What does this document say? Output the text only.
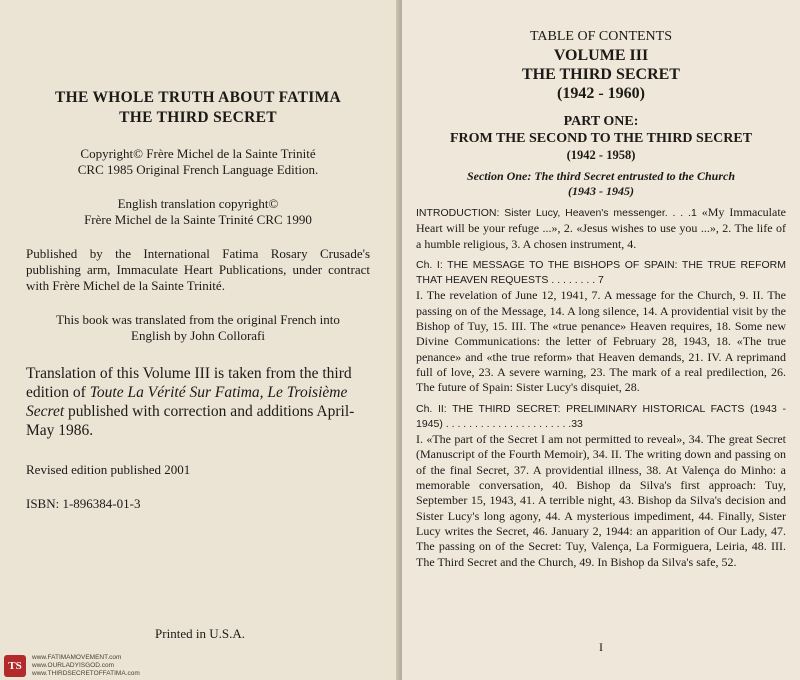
THE WHOLE TRUTH ABOUT FATIMA
THE THIRD SECRET
Copyright© Frère Michel de la Sainte Trinité
CRC 1985 Original French Language Edition.
English translation copyright©
Frère Michel de la Sainte Trinité CRC 1990
Published by the International Fatima Rosary Crusade's publishing arm, Immaculate Heart Publications, under contract with Frère Michel de la Sainte Trinité.
This book was translated from the original French into
English by John Collorafi
Translation of this Volume III is taken from the third edition of Toute La Vérité Sur Fatima, Le Troisième Secret published with correction and additions April-May 1986.
Revised edition published 2001
ISBN: 1-896384-01-3
Printed in U.S.A.
TS
www.FATIMAMOVEMENT.com
www.OURLADYISGOD.com
www.THIRDSECRETOFFATIMA.com
TABLE OF CONTENTS
VOLUME III
THE THIRD SECRET
(1942 - 1960)
PART ONE:
FROM THE SECOND TO THE THIRD SECRET
(1942 - 1958)
Section One: The third Secret entrusted to the Church
(1943 - 1945)
INTRODUCTION: Sister Lucy, Heaven's messenger. . . .1 «My Immaculate Heart will be your refuge ...», 2. «Jesus wishes to use you ...», 2. The life of a humble religious, 3. A chosen instrument, 4.
Ch. I: THE MESSAGE TO THE BISHOPS OF SPAIN: THE TRUE REFORM THAT HEAVEN REQUESTS . . . . . . . . 7
I. The revelation of June 12, 1941, 7. A message for the Church, 9. II. The passing on of the Message, 14. A long silence, 14. A providential visit by the Bishop of Tuy, 15. III. The «true penance» Heaven requires, 18. Some new Divine Communications: the letter of February 28, 1943, 18. «The true penance» and «the true reform» that Heaven demands, 21. IV. A reprimand full of love, 23. A severe warning, 23. The mark of a real predilection, 26. The future of Spain: Sister Lucy's disquiet, 28.
Ch. II: THE THIRD SECRET: PRELIMINARY HISTORICAL FACTS (1943 - 1945) . . . . . . . . . . . . . . . . . . . . . .33
I. «The part of the Secret I am not permitted to reveal», 34. The great Secret (Manuscript of the Fourth Memoir), 34. II. The writing down and passing on of the final Secret, 37. A providential illness, 38. At Valença do Minho: a memorable conversation, 40. Bishop da Silva's first approach: Tuy, September 15, 1943, 41. A terrible night, 43. Bishop da Silva's decision and Sister Lucy's long agony, 44. A mysterious impediment, 44. Finally, Sister Lucy writes the Secret, 46. January 2, 1944: an apparition of Our Lady, 47. The passing on of the Secret: Tuy, Valença, La Formiguera, Leiria, 48. III. The Third Secret and the Church, 49. In Bishop da Silva's safe, 52.
I
